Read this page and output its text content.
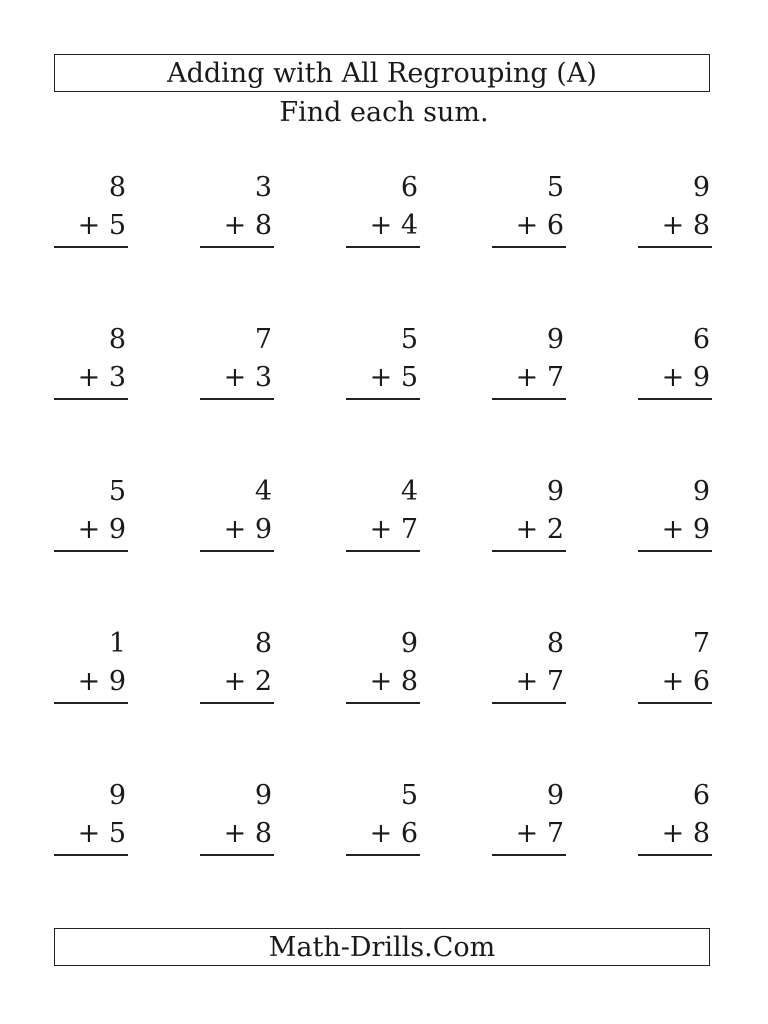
Adding with All Regrouping (A)
Find each sum.
8
+ 5
3
+ 8
6
+ 4
5
+ 6
9
+ 8
8
+ 3
7
+ 3
5
+ 5
9
+ 7
6
+ 9
5
+ 9
4
+ 9
4
+ 7
9
+ 2
9
+ 9
1
+ 9
8
+ 2
9
+ 8
8
+ 7
7
+ 6
9
+ 5
9
+ 8
5
+ 6
9
+ 7
6
+ 8
Math-Drills.Com
